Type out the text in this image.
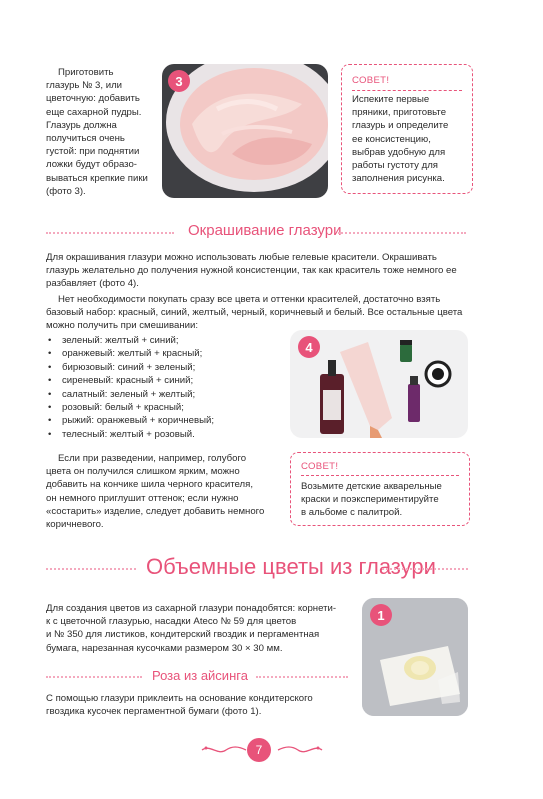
Приготовить

глазурь № 3, или

цветочную: добавить

еще сахарной пудры.

Глазурь должна

получиться очень

густой: при поднятии

ложки будут образо-

вываться крепкие пики

(фото 3).

3	СОВЕТ!
Испеките первые
пряники, приготовьте
глазурь и определите
ее консистенцию,
выбрав удобную для
работы густоту для
заполнения рисунка.
Окрашивание глазури

Для окрашивания глазури можно использовать любые гелевые красители. Окрашивать

глазурь желательно до получения нужной консистенции, так как краситель тоже немного ее

разбавляет (фото 4).

Нет необходимости покупать сразу все цвета и оттенки красителей, достаточно взять

базовый набор: красный, синий, желтый, черный, коричневый и белый. Все остальные цвета

можно получить при смешивании:

• зеленый: желтый + синий;
• оранжевый: желтый + красный;
• бирюзовый: синий + зеленый;
• сиреневый: красный + синий;
• салатный: зеленый + желтый;
• розовый: белый + красный;
• рыжий: оранжевый + коричневый;
• телесный: желтый + розовый.
4

Если при разведении, например, голубого

цвета он получился слишком ярким, можно

добавить на кончике шила черного красителя,

он немного приглушит оттенок; если нужно

«состарить» изделие, следует добавить немного

коричневого.

СОВЕТ!
Возьмите детские акварельные
краски и поэкспериментируйте
в альбоме с палитрой.
Объемные цветы из глазури

Для создания цветов из сахарной глазури понадобятся: корнети-

к с цветочной глазурью, насадки Ateco № 59 для цветов

и № 350 для листиков, кондитерский гвоздик и пергаментная

бумага, нарезанная кусочками размером 30 × 30 мм.

Роза из айсинга

С помощью глазури приклеить на основание кондитерского

гвоздика кусочек пергаментной бумаги (фото 1).

1
7
